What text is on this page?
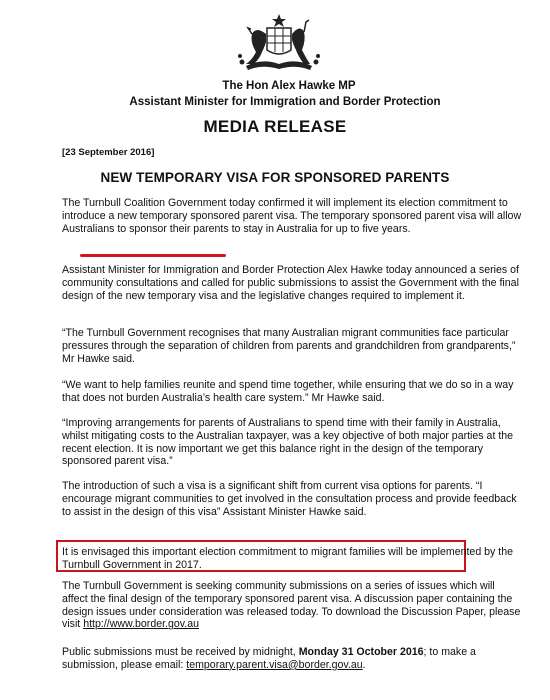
The Hon Alex Hawke MP
Assistant Minister for Immigration and Border Protection
MEDIA RELEASE
[23 September 2016]
NEW TEMPORARY VISA FOR SPONSORED PARENTS

The Turnbull Coalition Government today confirmed it will implement its election commitment to introduce a new temporary sponsored parent visa. The temporary sponsored parent visa will allow Australians to sponsor their parents to stay in Australia for up to five years.

Assistant Minister for Immigration and Border Protection Alex Hawke today announced a series of community consultations and called for public submissions to assist the Government with the final design of the new temporary visa and the legislative changes required to implement it.

“The Turnbull Government recognises that many Australian migrant communities face particular pressures through the separation of children from parents and grandchildren from grandparents,” Mr Hawke said.

“We want to help families reunite and spend time together, while ensuring that we do so in a way that does not burden Australia’s health care system.” Mr Hawke said.

“Improving arrangements for parents of Australians to spend time with their family in Australia, whilst mitigating costs to the Australian taxpayer, was a key objective of both major parties at the recent election. It is now important we get this balance right in the design of the temporary sponsored parent visa.”

The introduction of such a visa is a significant shift from current visa options for parents. “I encourage migrant communities to get involved in the consultation process and provide feedback to assist in the design of this visa” Assistant Minister Hawke said.

It is envisaged this important election commitment to migrant families will be implemented by the Turnbull Government in 2017.

The Turnbull Government is seeking community submissions on a series of issues which will affect the final design of the temporary sponsored parent visa. A discussion paper containing the design issues under consideration was released today. To download the Discussion Paper, please visit http://www.border.gov.au

Public submissions must be received by midnight, Monday 31 October 2016; to make a submission, please email: temporary.parent.visa@border.gov.au.
